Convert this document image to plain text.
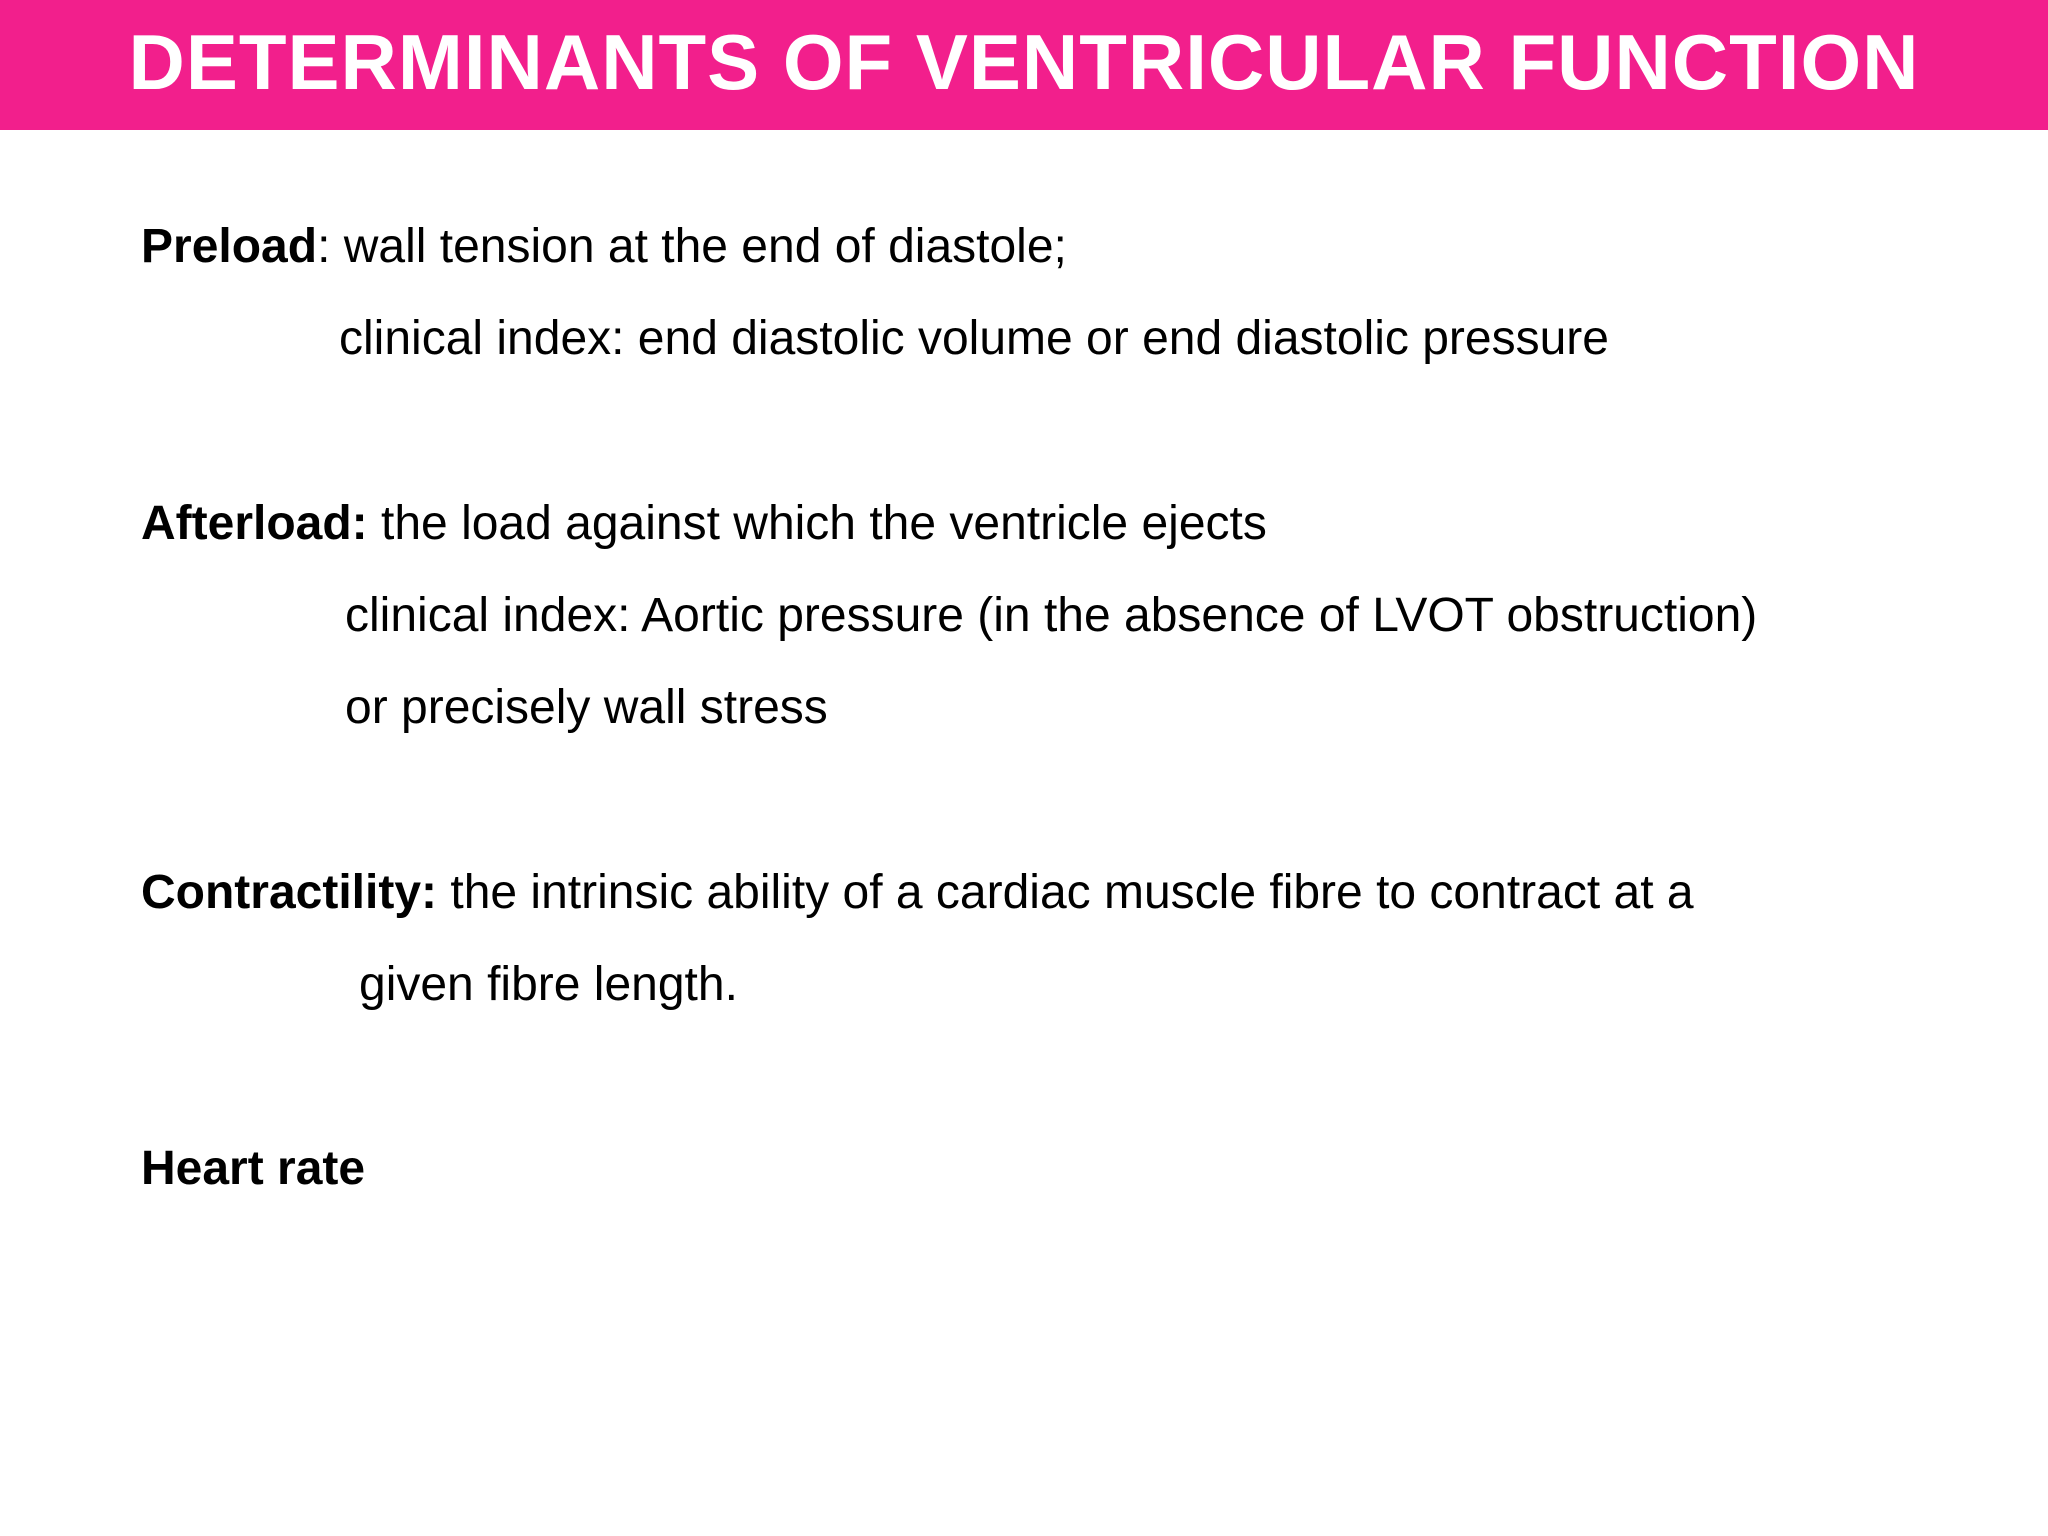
DETERMINANTS OF VENTRICULAR FUNCTION
Preload: wall tension at the end of diastole;
clinical index: end diastolic volume or end diastolic pressure
Afterload: the load against which the ventricle ejects
clinical index: Aortic pressure (in the absence of LVOT obstruction)
or precisely wall stress
Contractility: the intrinsic ability of a cardiac muscle fibre to contract at a
given fibre length.
Heart rate
